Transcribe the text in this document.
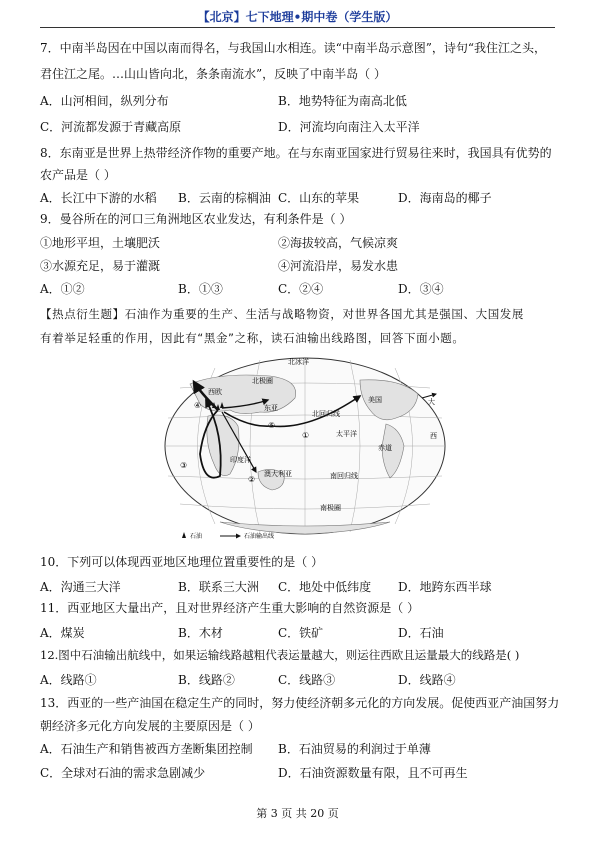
【北京】七下地理•期中卷（学生版）
7．中南半岛因在中国以南而得名，与我国山水相连。读“中南半岛示意图”，诗句“我住江之头，
君住江之尾。…山山皆向北，条条南流水”，反映了中南半岛（ ）
A．山河相间，纵列分布	B．地势特征为南高北低
C．河流都发源于青藏高原	D．河流均向南注入太平洋
8．东南亚是世界上热带经济作物的重要产地。在与东南亚国家进行贸易往来时，我国具有优势的
农产品是（ ）
A．长江中下游的水稻 B．云南的棕榈油 C．山东的苹果	D．海南岛的椰子
9．曼谷所在的河口三角洲地区农业发达，有利条件是（ ）
①地形平坦，土壤肥沃	②海拔较高，气候凉爽
③水源充足，易于灌溉	④河流沿岸，易发水患
A．①②	B．①③	C．②④	D．③④
【热点衍生题】石油作为重要的生产、生活与战略物资，对世界各国尤其是强国、大国发展
有着举足轻重的作用，因此有“黑金”之称，读石油输出线路图，回答下面小题。
北冰洋
北极圈
西欧
东亚
北回归线
美国	大
西
太平洋
赤道
印度洋
澳大利亚	南回归线
南极圈
①
②
③
④
⑤
石油	石油输出线
10．下列可以体现西亚地区地理位置重要性的是（ ）
A．沟通三大洋	B．联系三大洲 C．地处中低纬度 D．地跨东西半球
11．西亚地区大量出产，且对世界经济产生重大影响的自然资源是（ ）
A．煤炭	B．木材	C．铁矿	D．石油
12.图中石油输出航线中，如果运输线路越粗代表运量越大，则运往西欧且运量最大的线路是( )
A．线路①	B．线路②	C．线路③	D．线路④
13．西亚的一些产油国在稳定生产的同时，努力使经济朝多元化的方向发展。促使西亚产油国努力
朝经济多元化方向发展的主要原因是（ ）
A．石油生产和销售被西方垄断集团控制 B．石油贸易的利润过于单薄
C．全球对石油的需求急剧减少	D．石油资源数量有限，且不可再生
第 3 页 共 20 页
